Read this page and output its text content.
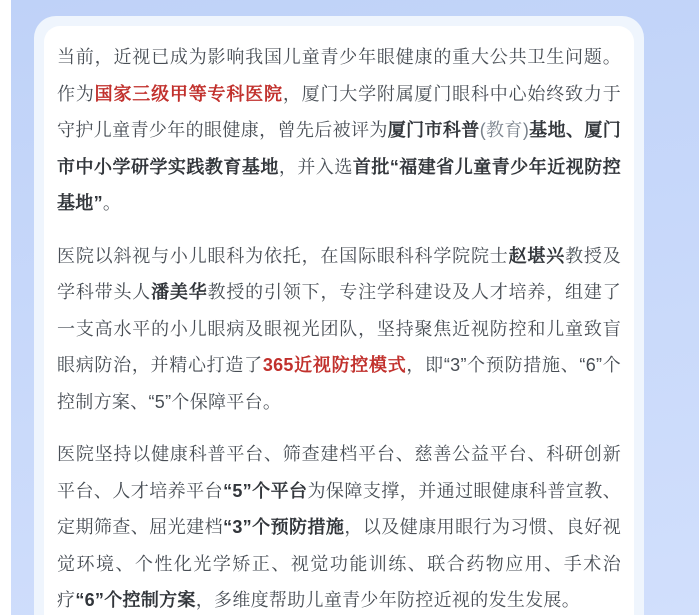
当前，近视已成为影响我国儿童青少年眼健康的重大公共卫生问题。作为国家三级甲等专科医院，厦门大学附属厦门眼科中心始终致力于守护儿童青少年的眼健康，曾先后被评为厦门市科普(教育)基地、厦门市中小学研学实践教育基地，并入选首批“福建省儿童青少年近视防控基地”。

医院以斜视与小儿眼科为依托，在国际眼科科学院院士赵堪兴教授及学科带头人潘美华教授的引领下，专注学科建设及人才培养，组建了一支高水平的小儿眼病及眼视光团队，坚持聚焦近视防控和儿童致盲眼病防治，并精心打造了365近视防控模式，即“3”个预防措施、“6”个控制方案、“5”个保障平台。

医院坚持以健康科普平台、筛查建档平台、慈善公益平台、科研创新平台、人才培养平台“5”个平台为保障支撑，并通过眼健康科普宣教、定期筛查、屈光建档“3”个预防措施，以及健康用眼行为习惯、良好视觉环境、个性化光学矫正、视觉功能训练、联合药物应用、手术治疗“6”个控制方案，多维度帮助儿童青少年防控近视的发生发展。
